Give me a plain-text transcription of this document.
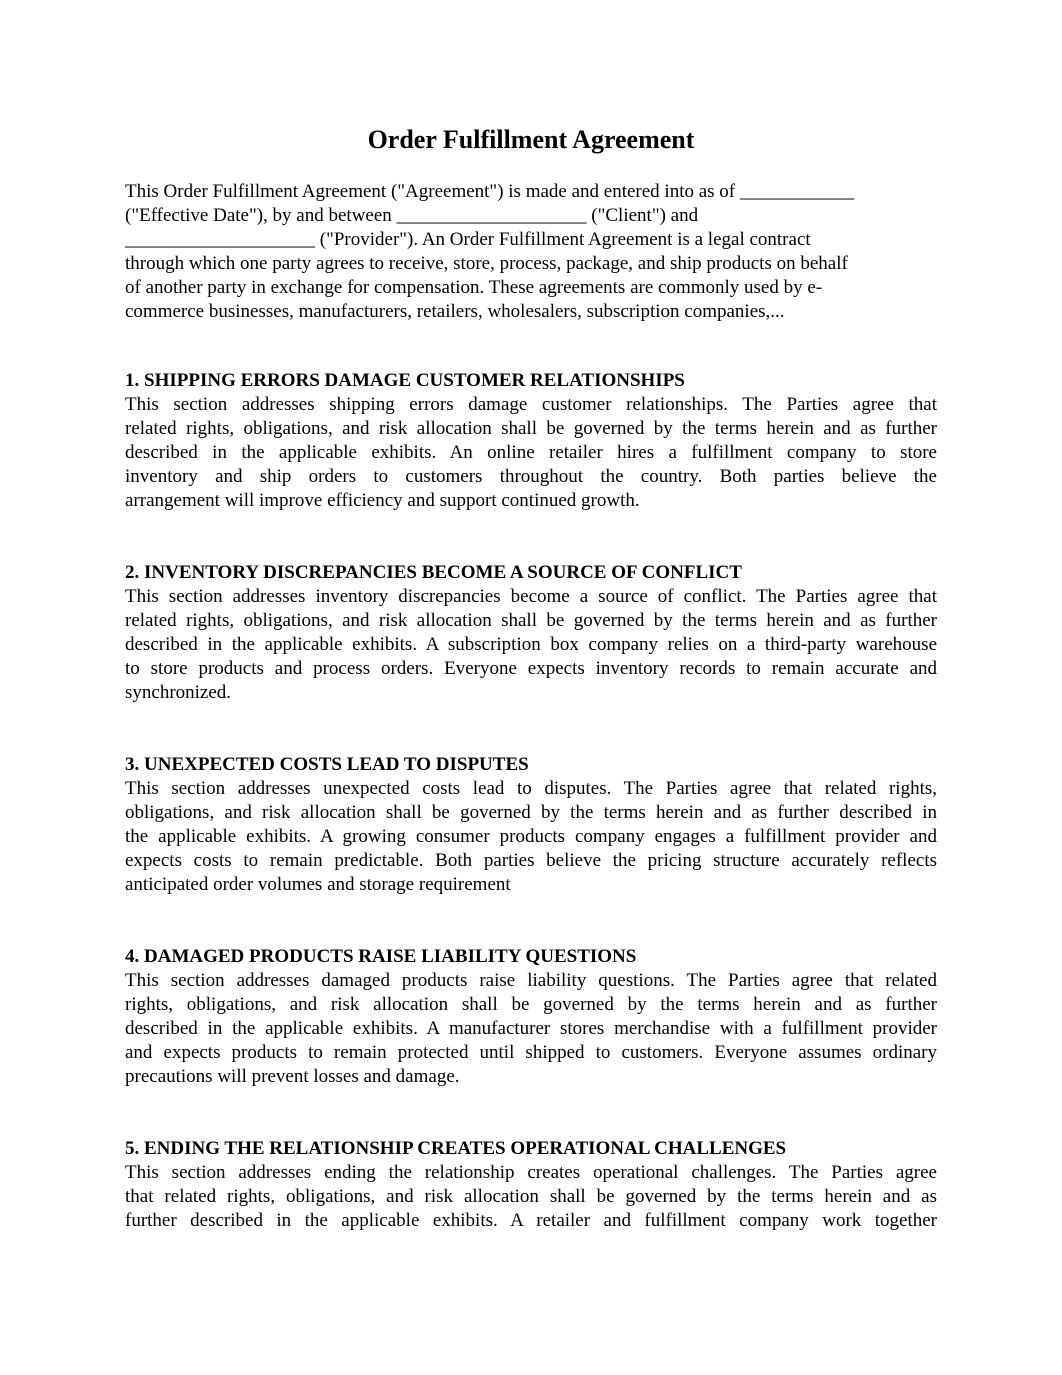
Order Fulfillment Agreement

This Order Fulfillment Agreement ("Agreement") is made and entered into as of ____________
("Effective Date"), by and between ____________________ ("Client") and
____________________ ("Provider"). An Order Fulfillment Agreement is a legal contract
through which one party agrees to receive, store, process, package, and ship products on behalf
of another party in exchange for compensation. These agreements are commonly used by e-
commerce businesses, manufacturers, retailers, wholesalers, subscription companies,...

1. SHIPPING ERRORS DAMAGE CUSTOMER RELATIONSHIPS

This section addresses shipping errors damage customer relationships. The Parties agree that
related rights, obligations, and risk allocation shall be governed by the terms herein and as further
described in the applicable exhibits. An online retailer hires a fulfillment company to store
inventory and ship orders to customers throughout the country. Both parties believe the
arrangement will improve efficiency and support continued growth.

2. INVENTORY DISCREPANCIES BECOME A SOURCE OF CONFLICT

This section addresses inventory discrepancies become a source of conflict. The Parties agree that
related rights, obligations, and risk allocation shall be governed by the terms herein and as further
described in the applicable exhibits. A subscription box company relies on a third-party warehouse
to store products and process orders. Everyone expects inventory records to remain accurate and
synchronized.

3. UNEXPECTED COSTS LEAD TO DISPUTES

This section addresses unexpected costs lead to disputes. The Parties agree that related rights,
obligations, and risk allocation shall be governed by the terms herein and as further described in
the applicable exhibits. A growing consumer products company engages a fulfillment provider and
expects costs to remain predictable. Both parties believe the pricing structure accurately reflects
anticipated order volumes and storage requirement

4. DAMAGED PRODUCTS RAISE LIABILITY QUESTIONS

This section addresses damaged products raise liability questions. The Parties agree that related
rights, obligations, and risk allocation shall be governed by the terms herein and as further
described in the applicable exhibits. A manufacturer stores merchandise with a fulfillment provider
and expects products to remain protected until shipped to customers. Everyone assumes ordinary
precautions will prevent losses and damage.

5. ENDING THE RELATIONSHIP CREATES OPERATIONAL CHALLENGES

This section addresses ending the relationship creates operational challenges. The Parties agree
that related rights, obligations, and risk allocation shall be governed by the terms herein and as
further described in the applicable exhibits. A retailer and fulfillment company work together
